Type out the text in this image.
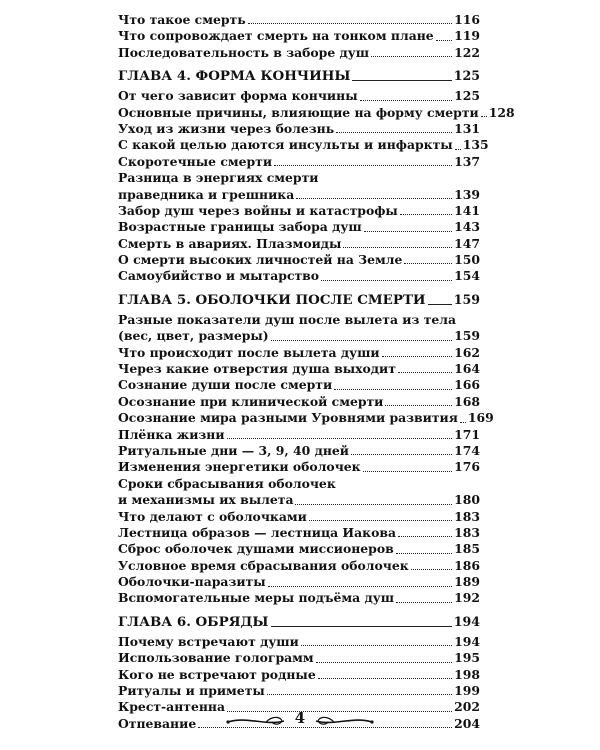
Что такое смерть	116
Что сопровождает смерть на тонком плане 119
Последовательность в заборе душ	122
ГЛАВА 4. ФОРМА КОНЧИНЫ	125
От чего зависит форма кончины	125
Основные причины, влияющие на форму смерти 128
Уход из жизни через болезнь	131
С какой целью даются инсульты и инфаркты 135
Скоротечные смерти	137
Разница в энергиях смерти
праведника и грешника	139
Забор душ через войны и катастрофы	141
Возрастные границы забора душ	143
Смерть в авариях. Плазмоиды	147
О смерти высоких личностей на Земле	150
Самоубийство и мытарство	154
ГЛАВА 5. ОБОЛОЧКИ ПОСЛЕ СМЕРТИ 159
Разные показатели душ после вылета из тела
(вес, цвет, размеры)	159
Что происходит после вылета души	162
Через какие отверстия душа выходит	164
Сознание души после смерти	166
Осознание при клинической смерти	168
Осознание мира разными Уровнями развития 169
Плёнка жизни	171
Ритуальные дни — 3, 9, 40 дней	174
Изменения энергетики оболочек	176
Сроки сбрасывания оболочек
и механизмы их вылета	180
Что делают с оболочками	183
Лестница образов — лестница Иакова	183
Сброс оболочек душами миссионеров	185
Условное время сбрасывания оболочек	186
Оболочки-паразиты	189
Вспомогательные меры подъёма душ	192
ГЛАВА 6. ОБРЯДЫ	194
Почему встречают души	194
Использование голограмм	195
Кого не встречают родные	198
Ритуалы и приметы	199
Крест-антенна	202
Отпевание	204
4
